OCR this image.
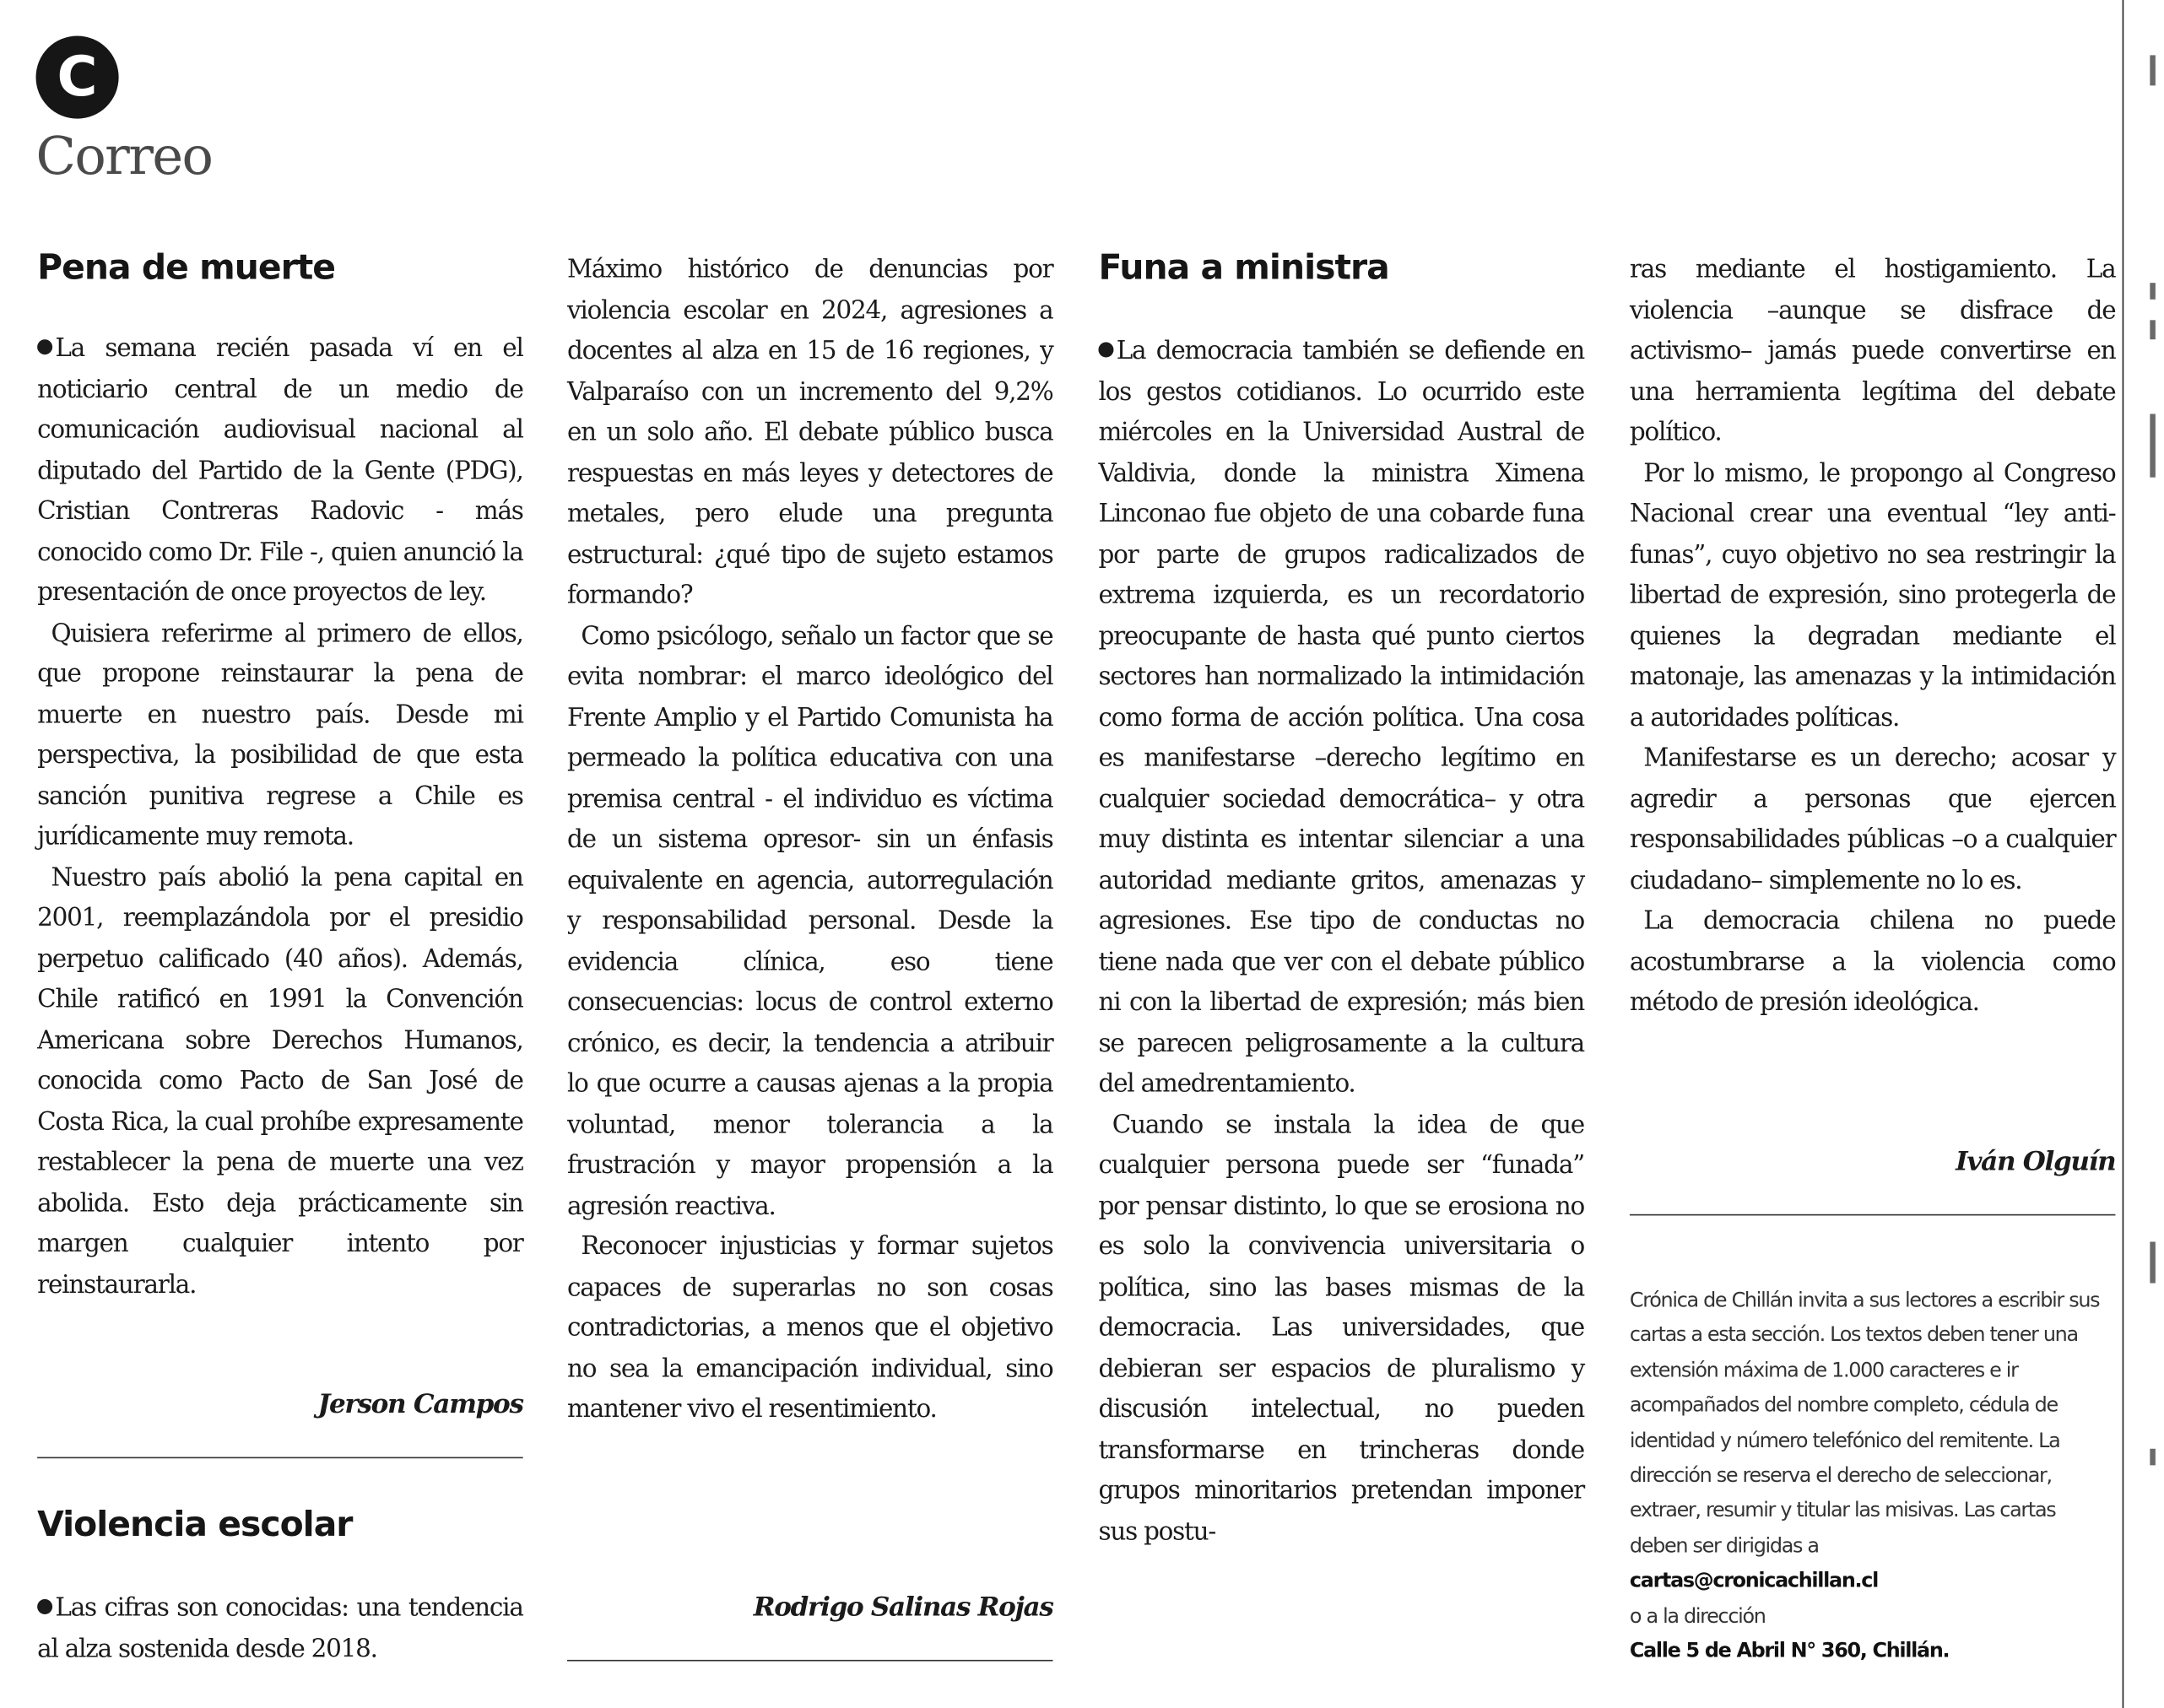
C
Correo
Pena de muerte

La semana recién pasada ví en el noticiario central de un medio de comunicación audiovisual nacional al diputado del Partido de la Gente (PDG), Cristian Contreras Radovic - más conocido como Dr. File -, quien anunció la presentación de once proyectos de ley.

Quisiera referirme al primero de ellos, que propone reinstaurar la pena de muerte en nuestro país. Desde mi perspectiva, la posibilidad de que esta sanción punitiva regrese a Chile es jurídicamente muy remota.

Nuestro país abolió la pena capital en 2001, reemplazándola por el presidio perpetuo calificado (40 años). Además, Chile ratificó en 1991 la Convención Americana sobre Derechos Humanos, conocida como Pacto de San José de Costa Rica, la cual prohíbe expresamente restablecer la pena de muerte una vez abolida. Esto deja prácticamente sin margen cualquier intento por reinstaurarla.

Jerson Campos
Violencia escolar

Las cifras son conocidas: una tendencia al alza sostenida desde 2018.

Máximo histórico de denuncias por violencia escolar en 2024, agresiones a docentes al alza en 15 de 16 regiones, y Valparaíso con un incremento del 9,2% en un solo año. El debate público busca respuestas en más leyes y detectores de metales, pero elude una pregunta estructural: ¿qué tipo de sujeto estamos formando?

Como psicólogo, señalo un factor que se evita nombrar: el marco ideológico del Frente Amplio y el Partido Comunista ha permeado la política educativa con una premisa central - el individuo es víctima de un sistema opresor- sin un énfasis equivalente en agencia, autorregulación y responsabilidad personal. Desde la evidencia clínica, eso tiene consecuencias: locus de control externo crónico, es decir, la tendencia a atribuir lo que ocurre a causas ajenas a la propia voluntad, menor tolerancia a la frustración y mayor propensión a la agresión reactiva.

Reconocer injusticias y formar sujetos capaces de superarlas no son cosas contradictorias, a menos que el objetivo no sea la emancipación individual, sino mantener vivo el resentimiento.

Rodrigo Salinas Rojas
Funa a ministra

La democracia también se defiende en los gestos cotidianos. Lo ocurrido este miércoles en la Universidad Austral de Valdivia, donde la ministra Ximena Linconao fue objeto de una cobarde funa por parte de grupos radicalizados de extrema izquierda, es un recordatorio preocupante de hasta qué punto ciertos sectores han normalizado la intimidación como forma de acción política. Una cosa es manifestarse –derecho legítimo en cualquier sociedad democrática– y otra muy distinta es intentar silenciar a una autoridad mediante gritos, amenazas y agresiones. Ese tipo de conductas no tiene nada que ver con el debate público ni con la libertad de expresión; más bien se parecen peligrosamente a la cultura del amedrentamiento.

Cuando se instala la idea de que cualquier persona puede ser “funada” por pensar distinto, lo que se erosiona no es solo la convivencia universitaria o política, sino las bases mismas de la democracia. Las universidades, que debieran ser espacios de pluralismo y discusión intelectual, no pueden transformarse en trincheras donde grupos minoritarios pretendan imponer sus postu-

ras mediante el hostigamiento. La violencia –aunque se disfrace de activismo– jamás puede convertirse en una herramienta legítima del debate político.

Por lo mismo, le propongo al Congreso Nacional crear una eventual “ley anti-funas”, cuyo objetivo no sea restringir la libertad de expresión, sino protegerla de quienes la degradan mediante el matonaje, las amenazas y la intimidación a autoridades políticas.

Manifestarse es un derecho; acosar y agredir a personas que ejercen responsabilidades públicas –o a cualquier ciudadano– simplemente no lo es.

La democracia chilena no puede acostumbrarse a la violencia como método de presión ideológica.

Iván Olguín
Crónica de Chillán invita a sus lectores a escribir sus cartas a esta sección. Los textos deben tener una extensión máxima de 1.000 caracteres e ir acompañados del nombre completo, cédula de identidad y número telefónico del remitente. La dirección se reserva el derecho de seleccionar, extraer, resumir y titular las misivas. Las cartas deben ser dirigidas a
cartas@cronicachillan.cl
o a la dirección
Calle 5 de Abril N° 360, Chillán.
